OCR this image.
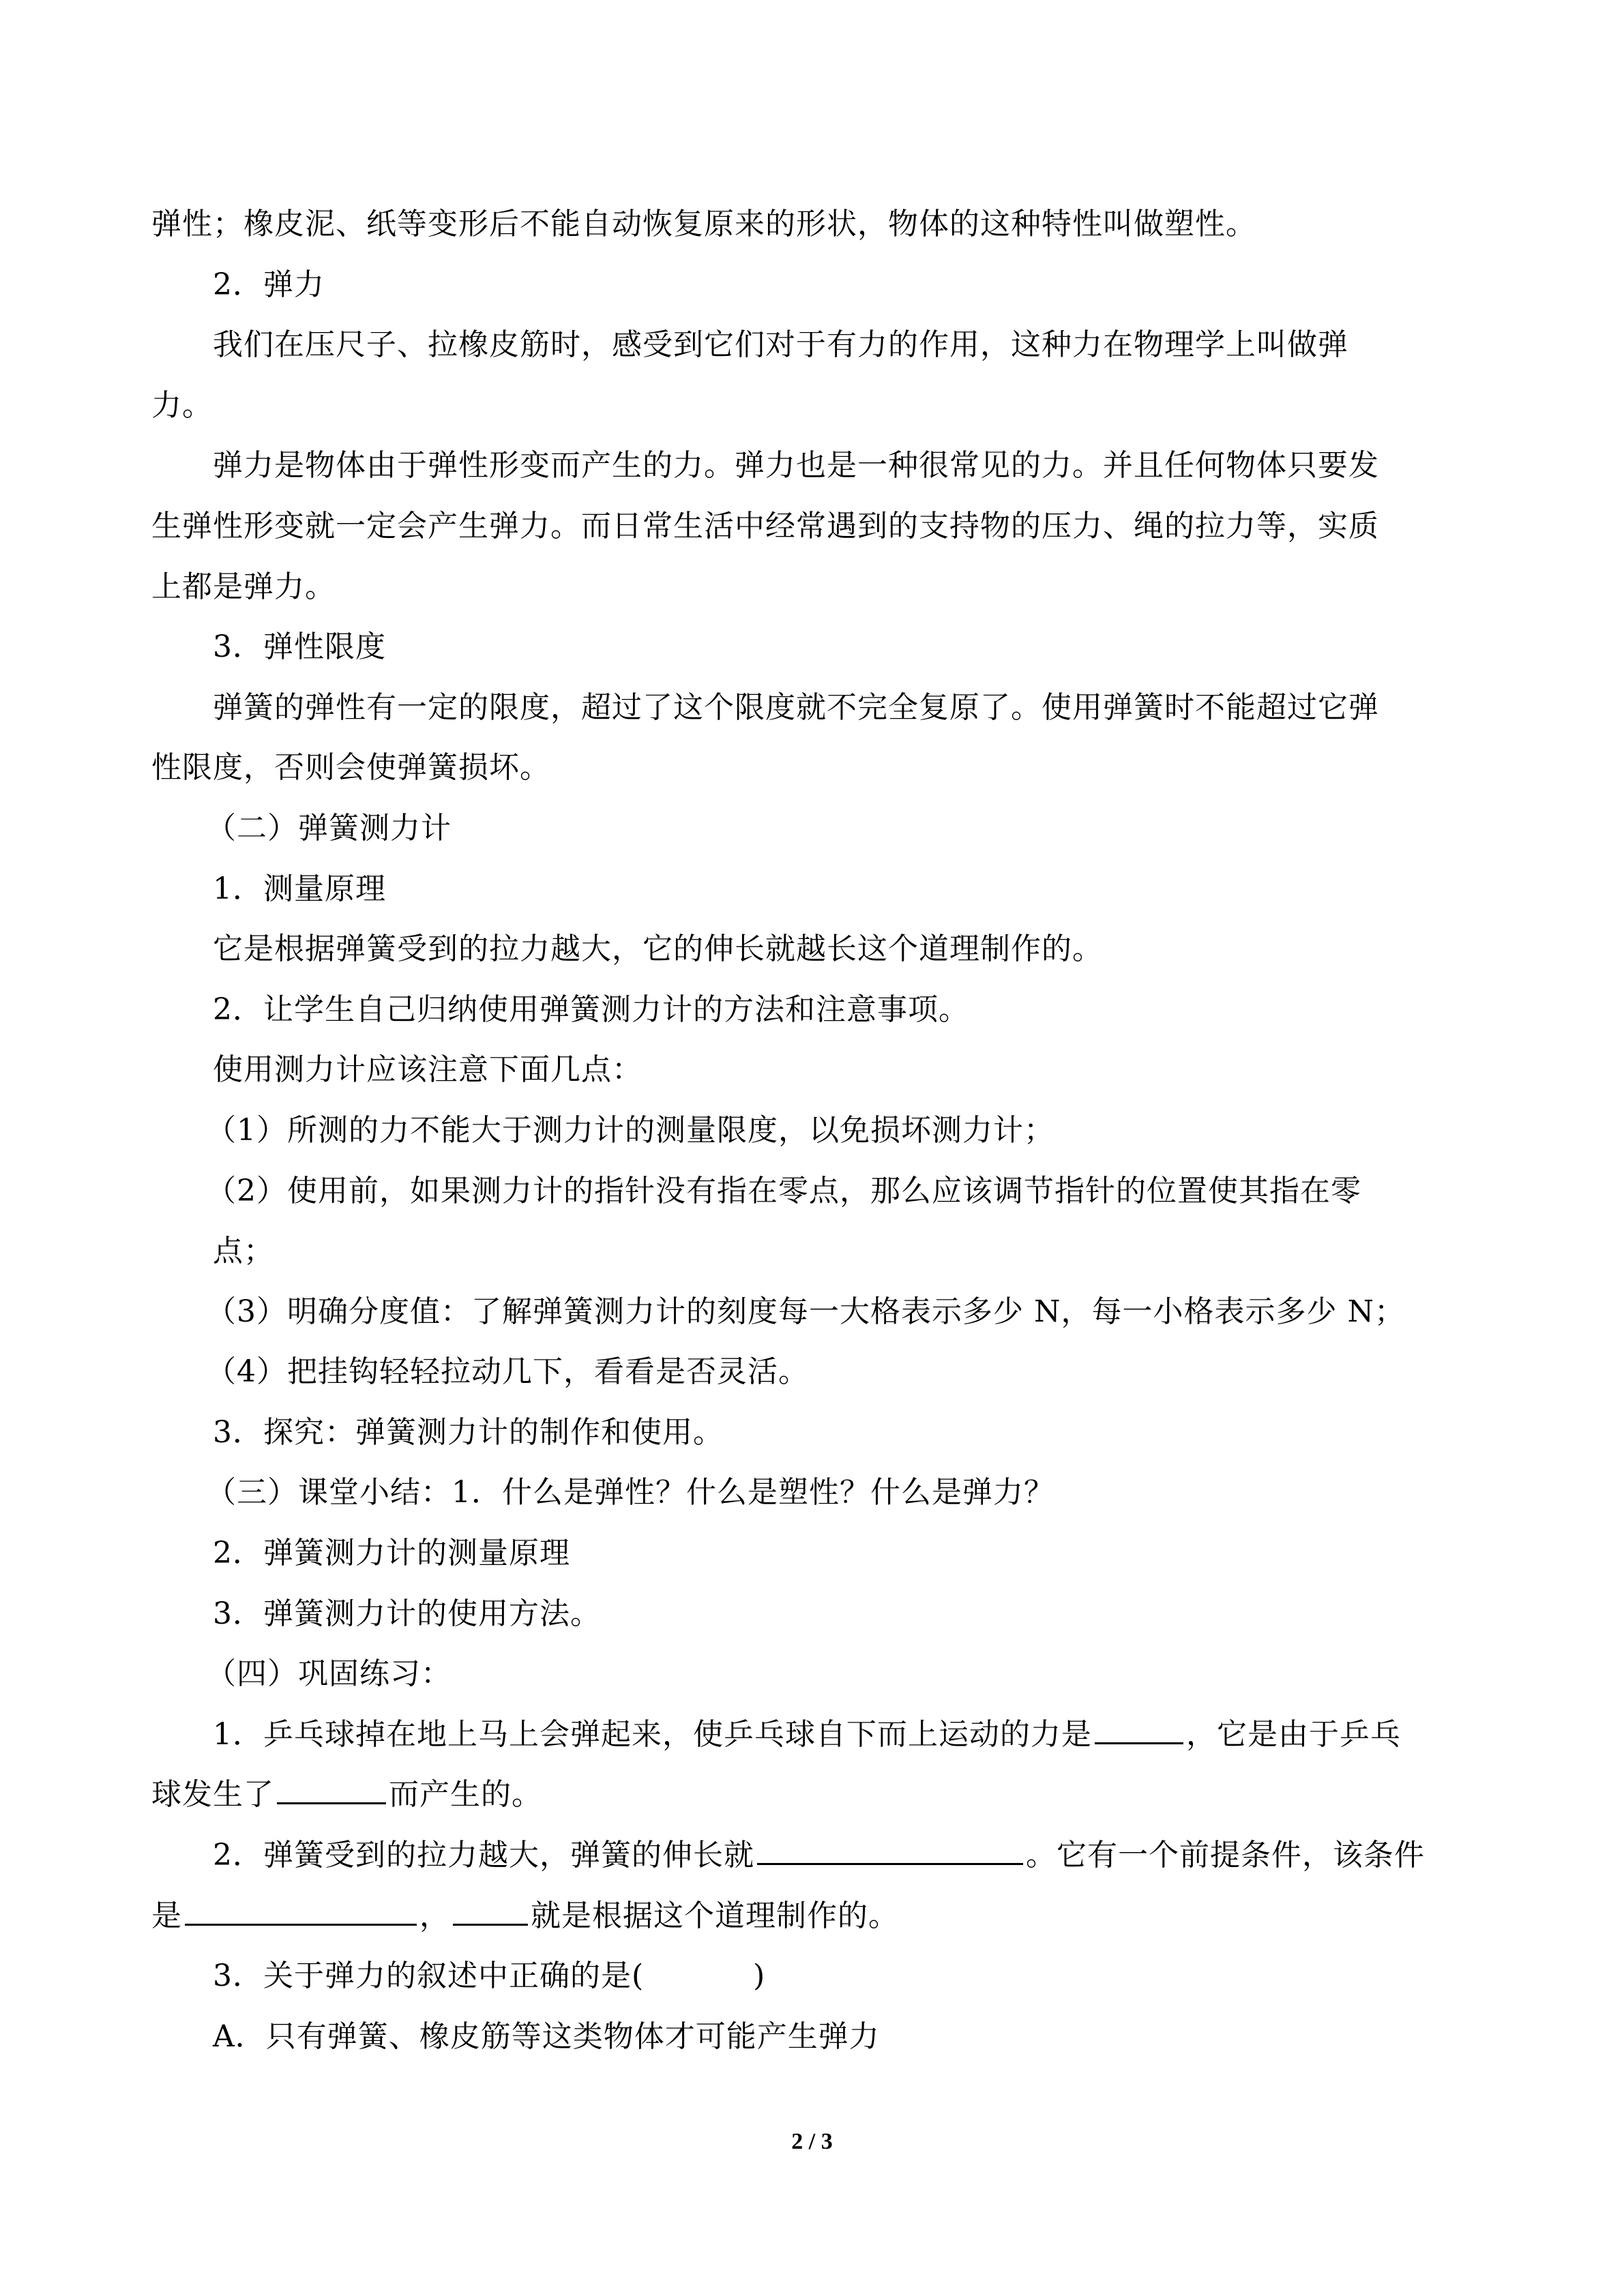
弹性；橡皮泥、纸等变形后不能自动恢复原来的形状，物体的这种特性叫做塑性。

2．弹力

我们在压尺子、拉橡皮筋时，感受到它们对于有力的作用，这种力在物理学上叫做弹

力。

弹力是物体由于弹性形变而产生的力。弹力也是一种很常见的力。并且任何物体只要发

生弹性形变就一定会产生弹力。而日常生活中经常遇到的支持物的压力、绳的拉力等，实质

上都是弹力。

3．弹性限度

弹簧的弹性有一定的限度，超过了这个限度就不完全复原了。使用弹簧时不能超过它弹

性限度，否则会使弹簧损坏。

（二）弹簧测力计

1．测量原理

它是根据弹簧受到的拉力越大，它的伸长就越长这个道理制作的。

2．让学生自己归纳使用弹簧测力计的方法和注意事项。

使用测力计应该注意下面几点：

（1）所测的力不能大于测力计的测量限度，以免损坏测力计；

（2）使用前，如果测力计的指针没有指在零点，那么应该调节指针的位置使其指在零

点；

（3）明确分度值：了解弹簧测力计的刻度每一大格表示多少 N，每一小格表示多少 N；

（4）把挂钩轻轻拉动几下，看看是否灵活。

3．探究：弹簧测力计的制作和使用。

（三）课堂小结：1．什么是弹性？什么是塑性？什么是弹力？

2．弹簧测力计的测量原理

3．弹簧测力计的使用方法。

（四）巩固练习：

1．乒乓球掉在地上马上会弹起来，使乒乓球自下而上运动的力是	，它是由于乒乓

球发生了	而产生的。

2．弹簧受到的拉力越大，弹簧的伸长就	。它有一个前提条件，该条件

是	，	就是根据这个道理制作的。

3．关于弹力的叙述中正确的是(	)

A．只有弹簧、橡皮筋等这类物体才可能产生弹力

2 / 3
